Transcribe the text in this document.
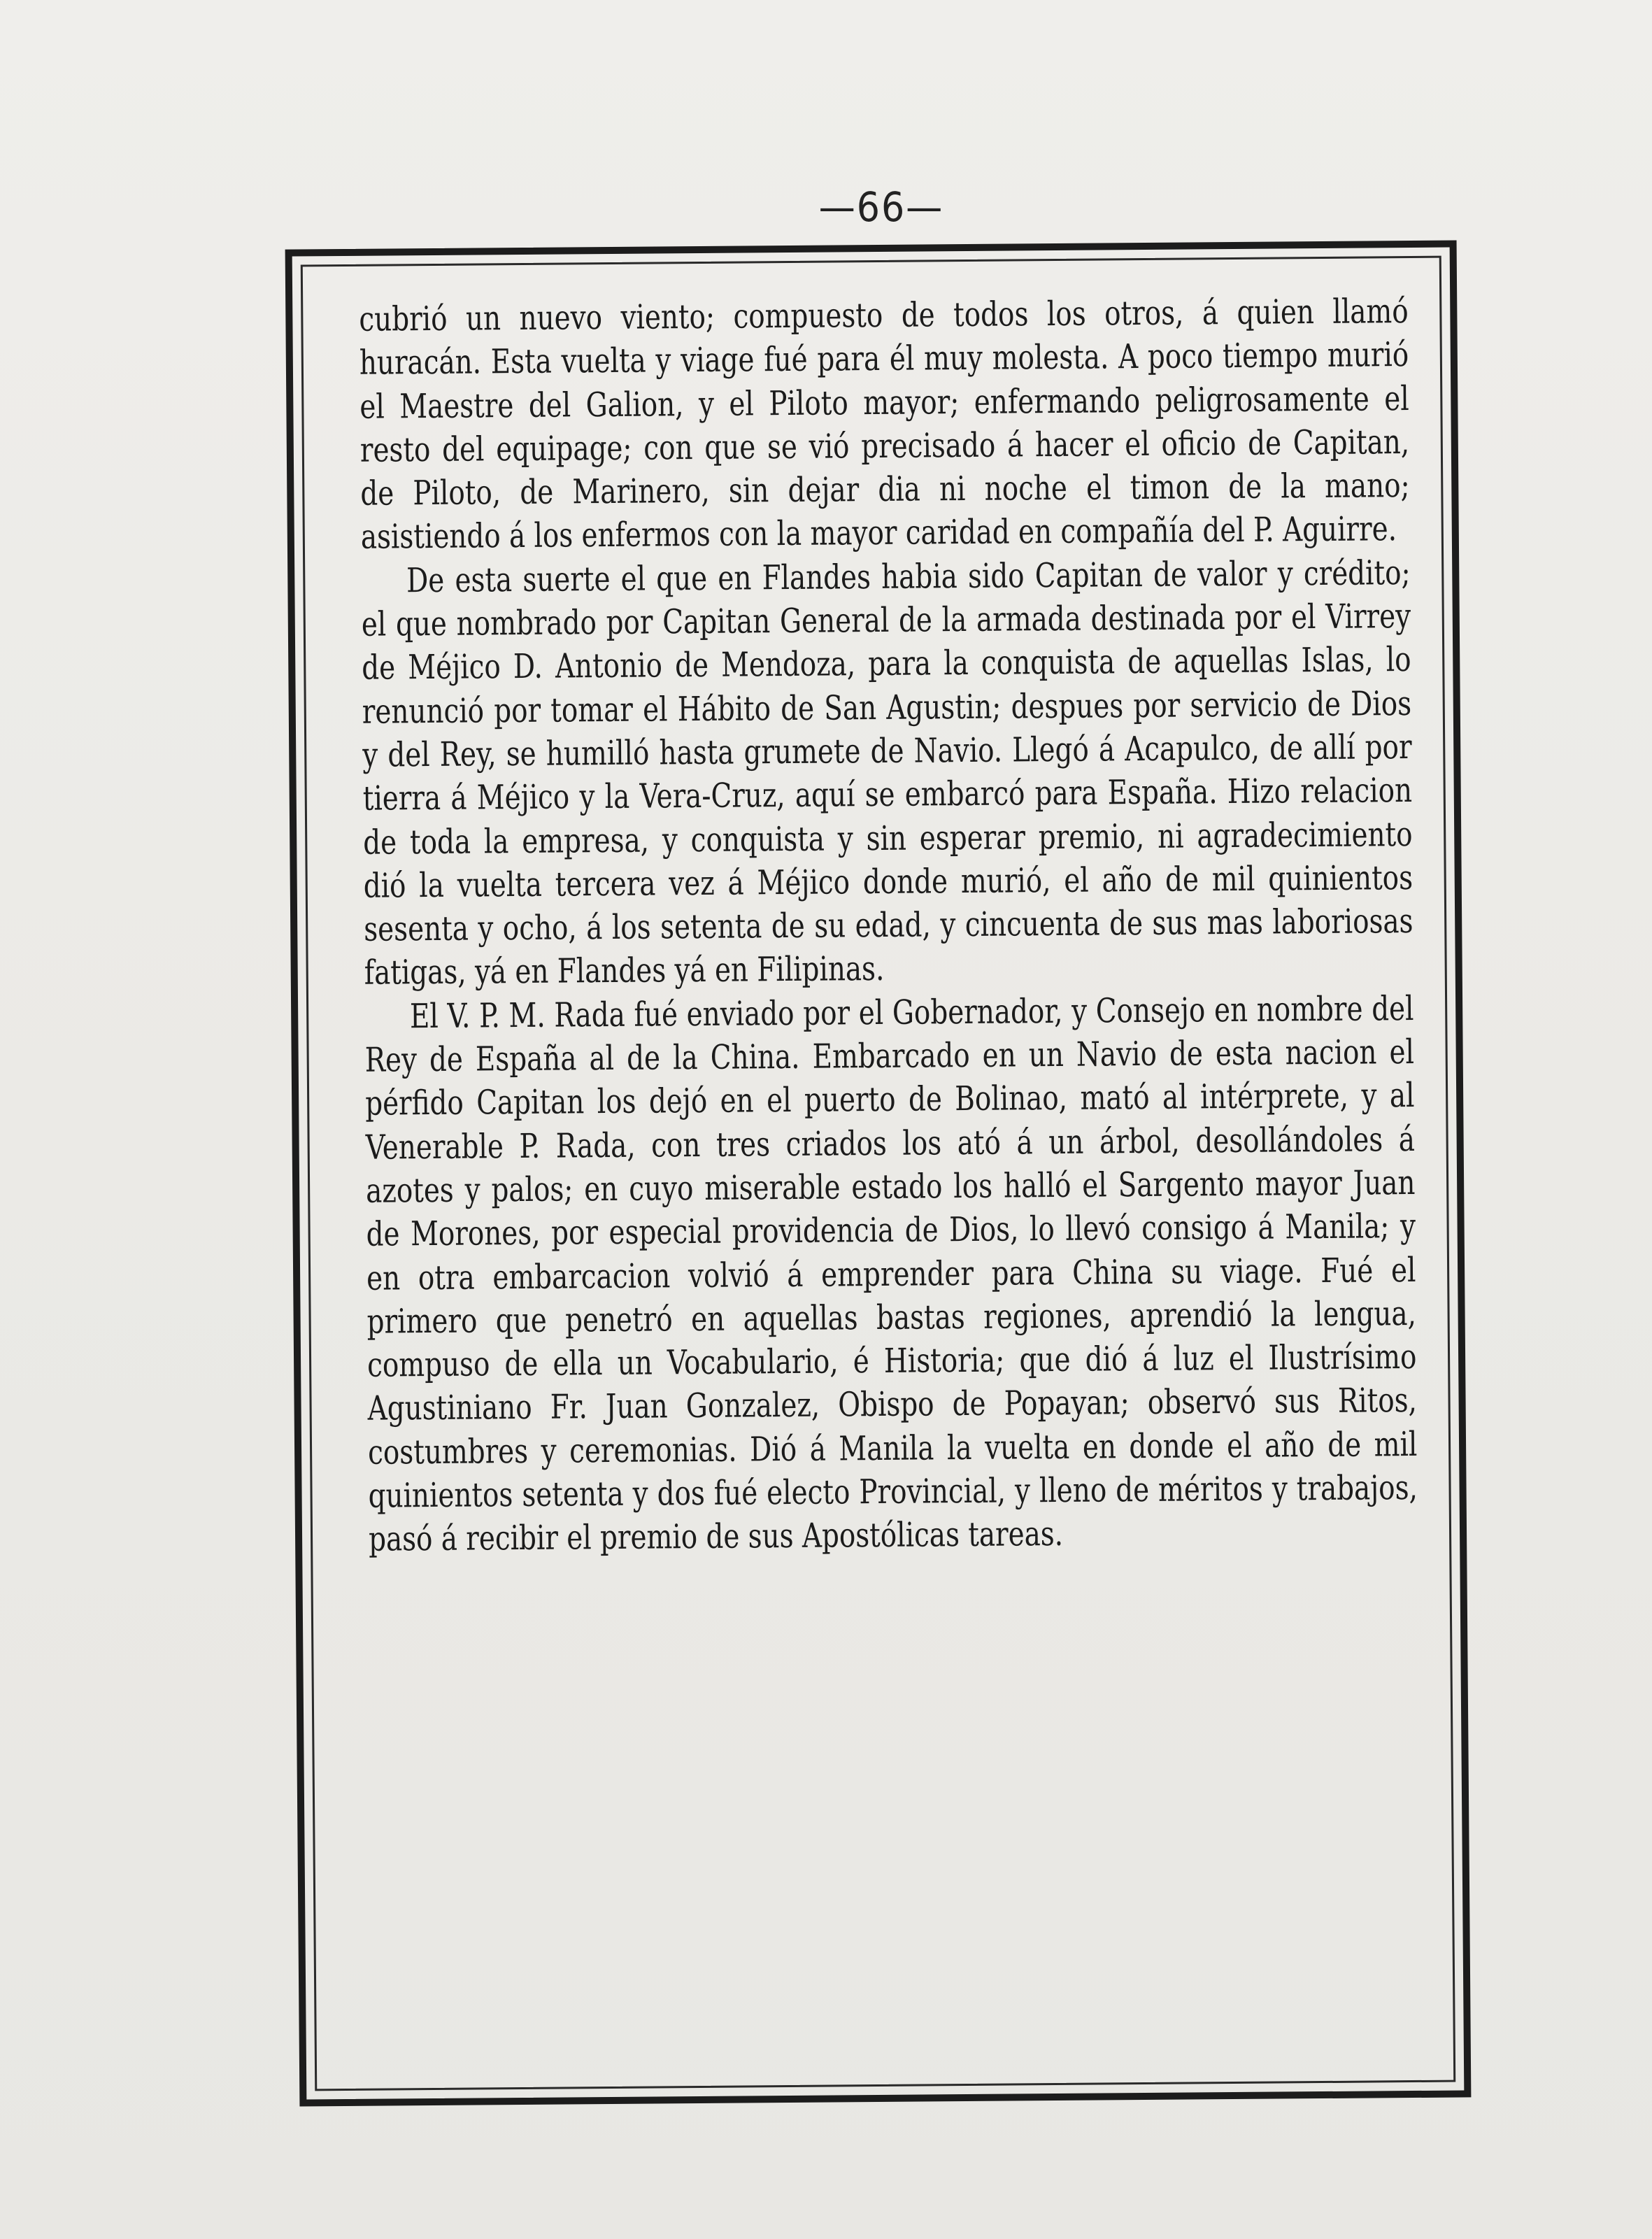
—66—

cubrió un nuevo viento; compuesto de todos los otros, á quien llamó huracán. Esta vuelta y viage fué para él muy molesta. A poco tiempo murió el Maestre del Galion, y el Piloto mayor; enfermando peligrosamente el resto del equipage; con que se vió precisado á hacer el oficio de Capitan, de Piloto, de Marinero, sin dejar dia ni noche el timon de la mano; asistiendo á los enfermos con la mayor caridad en compañía del P. Aguirre.

De esta suerte el que en Flandes habia sido Capitan de valor y crédito; el que nombrado por Capitan General de la armada destinada por el Virrey de Méjico D. Antonio de Mendoza, para la conquista de aquellas Islas, lo renunció por tomar el Hábito de San Agustin; despues por servicio de Dios y del Rey, se humilló hasta grumete de Navio. Llegó á Acapulco, de allí por tierra á Méjico y la Vera-Cruz, aquí se embarcó para España. Hizo relacion de toda la empresa, y conquista y sin esperar premio, ni agradecimiento dió la vuelta tercera vez á Méjico donde murió, el año de mil quinientos sesenta y ocho, á los setenta de su edad, y cincuenta de sus mas laboriosas fatigas, yá en Flandes yá en Filipinas.

El V. P. M. Rada fué enviado por el Gobernador, y Consejo en nombre del Rey de España al de la China. Embarcado en un Navio de esta nacion el pérfido Capitan los dejó en el puerto de Bolinao, mató al intérprete, y al Venerable P. Rada, con tres criados los ató á un árbol, desollándoles á azotes y palos; en cuyo miserable estado los halló el Sargento mayor Juan de Morones, por especial providencia de Dios, lo llevó consigo á Manila; y en otra embarcacion volvió á emprender para China su viage. Fué el primero que penetró en aquellas bastas regiones, aprendió la lengua, compuso de ella un Vocabulario, é Historia; que dió á luz el Ilustrísimo Agustiniano Fr. Juan Gonzalez, Obispo de Popayan; observó sus Ritos, costumbres y ceremonias. Dió á Manila la vuelta en donde el año de mil quinientos setenta y dos fué electo Provincial, y lleno de méritos y trabajos, pasó á recibir el premio de sus Apostólicas tareas.
